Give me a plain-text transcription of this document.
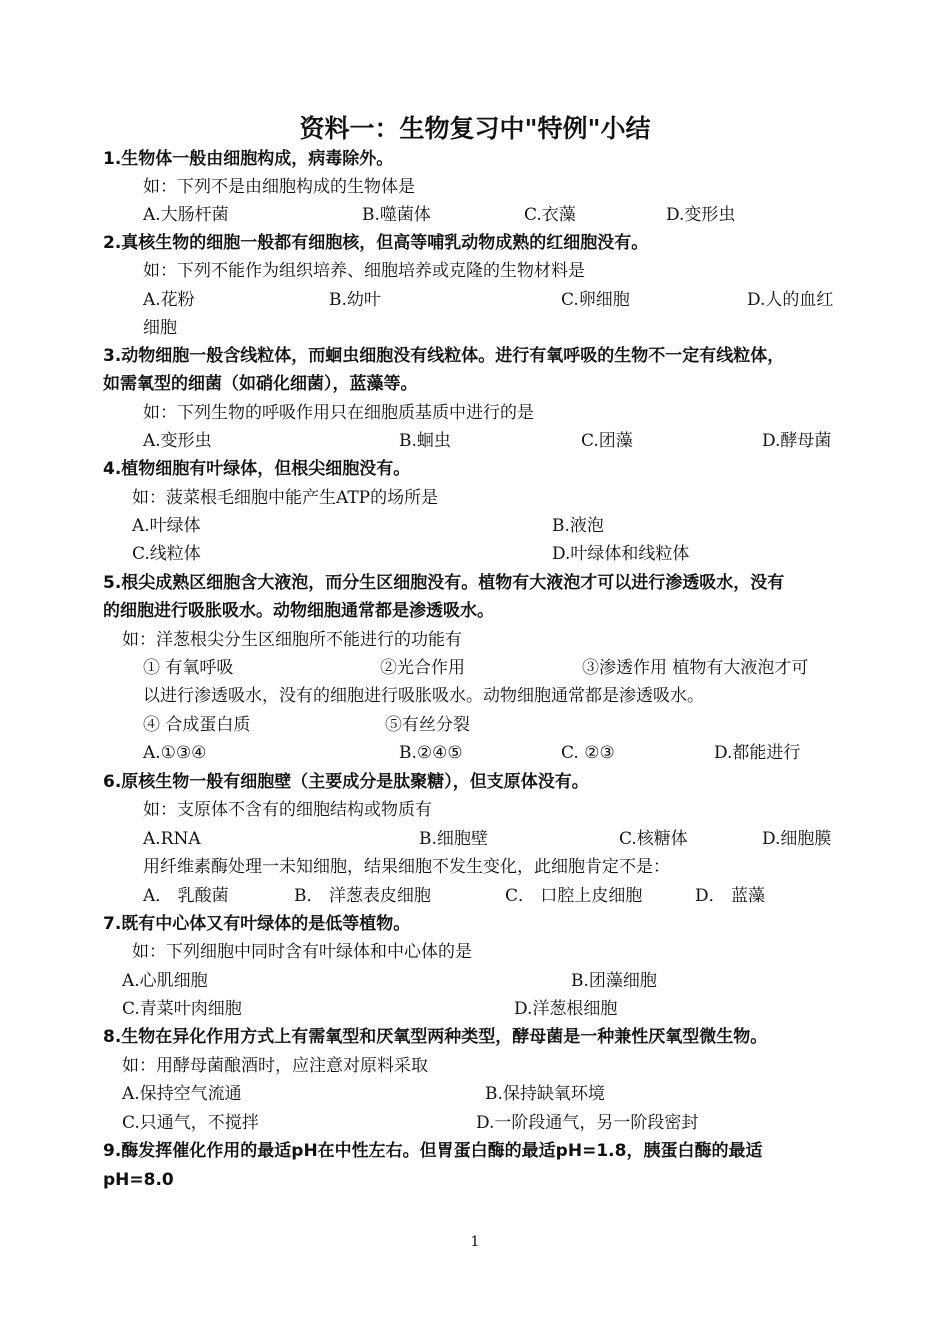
资料一：生物复习中"特例"小结
1.生物体一般由细胞构成，病毒除外。
如：下列不是由细胞构成的生物体是
A.大肠杆菌	B.噬菌体	C.衣藻	D.变形虫
2.真核生物的细胞一般都有细胞核，但高等哺乳动物成熟的红细胞没有。
如：下列不能作为组织培养、细胞培养或克隆的生物材料是
A.花粉	B.幼叶	C.卵细胞	D.人的血红
细胞
3.动物细胞一般含线粒体，而蛔虫细胞没有线粒体。进行有氧呼吸的生物不一定有线粒体，
如需氧型的细菌（如硝化细菌），蓝藻等。
如：下列生物的呼吸作用只在细胞质基质中进行的是
A.变形虫	B.蛔虫	C.团藻	D.酵母菌
4.植物细胞有叶绿体，但根尖细胞没有。
如：菠菜根毛细胞中能产生ATP的场所是
A.叶绿体	B.液泡
C.线粒体	D.叶绿体和线粒体
5.根尖成熟区细胞含大液泡，而分生区细胞没有。植物有大液泡才可以进行渗透吸水，没有
的细胞进行吸胀吸水。动物细胞通常都是渗透吸水。
如：洋葱根尖分生区细胞所不能进行的功能有
① 有氧呼吸	②光合作用	③渗透作用 植物有大液泡才可
以进行渗透吸水，没有的细胞进行吸胀吸水。动物细胞通常都是渗透吸水。
④ 合成蛋白质	⑤有丝分裂
A.①③④	B.②④⑤	C. ②③	D.都能进行
6.原核生物一般有细胞壁（主要成分是肽聚糖），但支原体没有。
如：支原体不含有的细胞结构或物质有
A.RNA	B.细胞壁	C.核糖体	D.细胞膜
用纤维素酶处理一未知细胞，结果细胞不发生变化，此细胞肯定不是：
A． 乳酸菌	B． 洋葱表皮细胞	C． 口腔上皮细胞	D． 蓝藻
7.既有中心体又有叶绿体的是低等植物。
如：下列细胞中同时含有叶绿体和中心体的是
A.心肌细胞	B.团藻细胞
C.青菜叶肉细胞	D.洋葱根细胞
8.生物在异化作用方式上有需氧型和厌氧型两种类型，酵母菌是一种兼性厌氧型微生物。
如：用酵母菌酿酒时，应注意对原料采取
A.保持空气流通	B.保持缺氧环境
C.只通气，不搅拌	D.一阶段通气，另一阶段密封
9.酶发挥催化作用的最适pH在中性左右。但胃蛋白酶的最适pH=1.8，胰蛋白酶的最适
pH=8.0
1
